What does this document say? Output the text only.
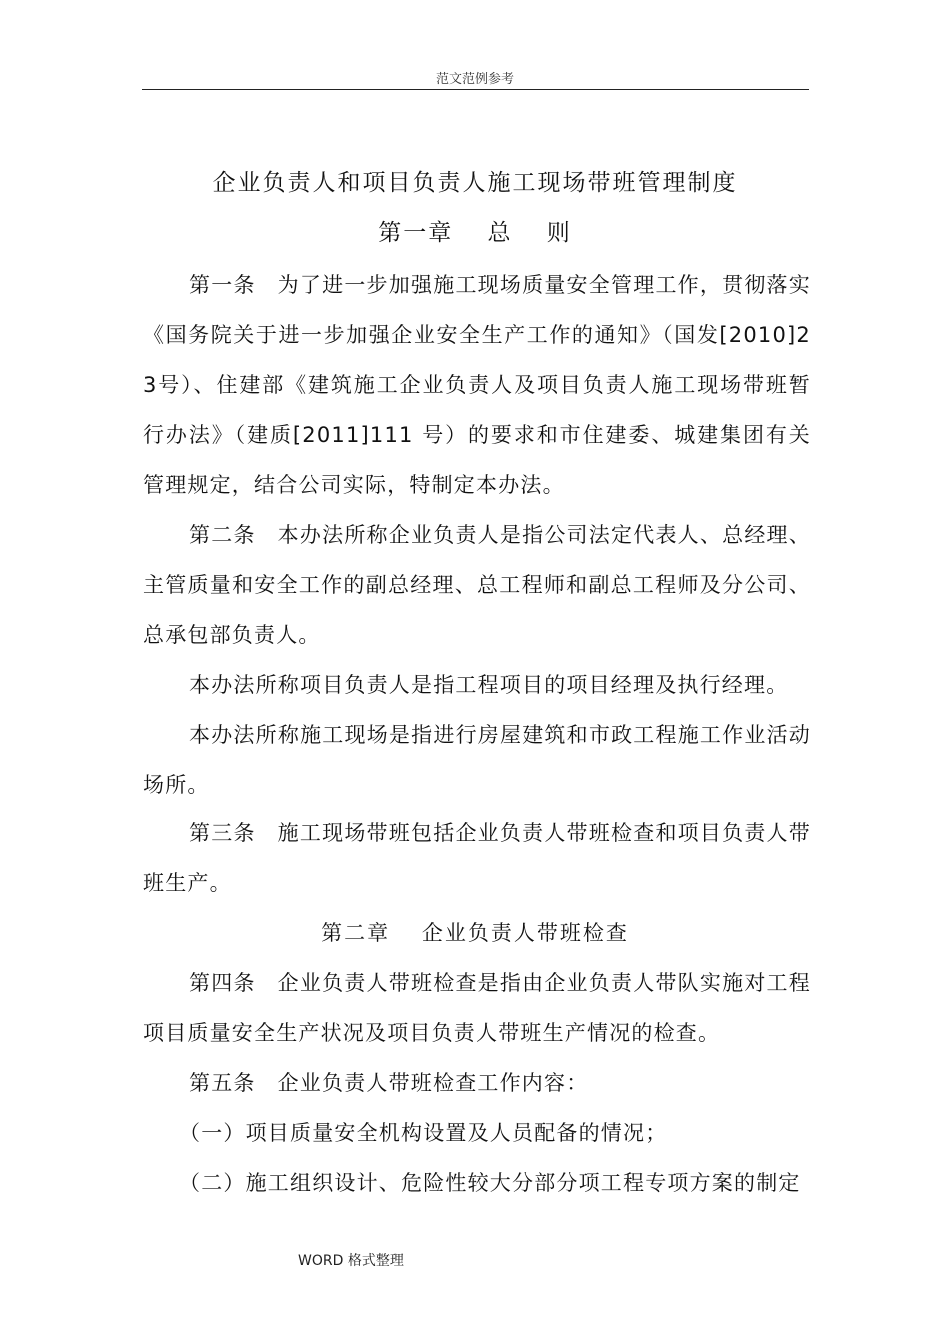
范文范例参考
企业负责人和项目负责人施工现场带班管理制度
第一章　 总　 则
第一条 为了进一步加强施工现场质量安全管理工作，贯彻落实《国务院关于进一步加强企业安全生产工作的通知》（国发[2010]23号）、住建部《建筑施工企业负责人及项目负责人施工现场带班暂行办法》（建质[2011]111 号）的要求和市住建委、城建集团有关管理规定，结合公司实际，特制定本办法。
第二条 本办法所称企业负责人是指公司法定代表人、总经理、主管质量和安全工作的副总经理、总工程师和副总工程师及分公司、总承包部负责人。
本办法所称项目负责人是指工程项目的项目经理及执行经理。
本办法所称施工现场是指进行房屋建筑和市政工程施工作业活动场所。
第三条 施工现场带班包括企业负责人带班检查和项目负责人带班生产。
第二章　 企业负责人带班检查
第四条 企业负责人带班检查是指由企业负责人带队实施对工程项目质量安全生产状况及项目负责人带班生产情况的检查。
第五条 企业负责人带班检查工作内容：
（一）项目质量安全机构设置及人员配备的情况；
（二）施工组织设计、危险性较大分部分项工程专项方案的制定
WORD 格式整理
